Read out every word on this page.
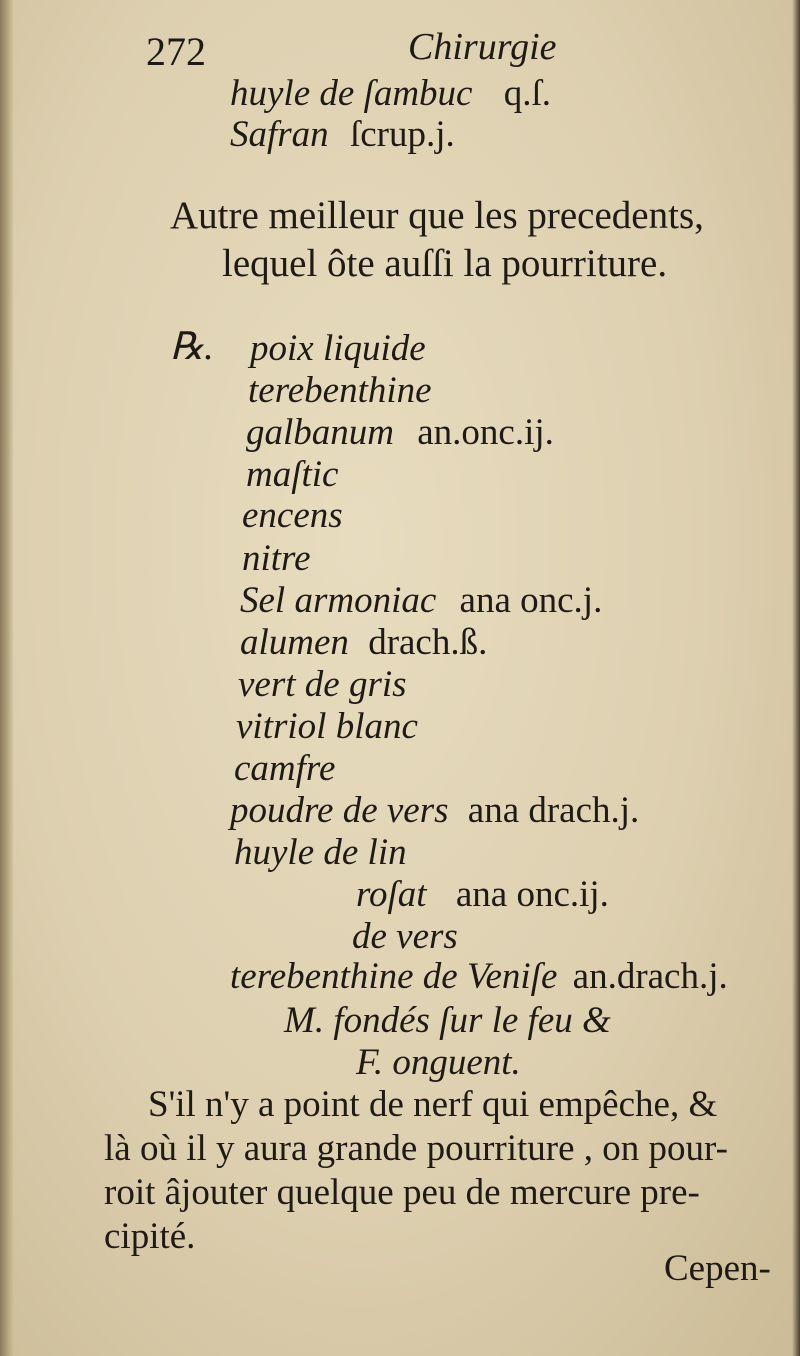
272	Chirurgie
huyle de ſambuc q.ſ.
Safran ſcrup.j.
Autre meilleur que les precedents,
lequel ôte auſſi la pourriture.
℞. poix liquide
terebenthine
galbanum an.onc.ij.
maſtic
encens
nitre
Sel armoniac ana onc.j.
alumen drach.ß.
vert de gris
vitriol blanc
camfre
poudre de vers ana drach.j.
huyle de lin
roſat ana onc.ij.
de vers
terebenthine de Veniſe an.drach.j.
M. fondés ſur le feu &
F. onguent.
S'il n'y a point de nerf qui empêche, &
là où il y aura grande pourriture , on pour-
roit âjouter quelque peu de mercure pre-
cipité.
Cepen-
